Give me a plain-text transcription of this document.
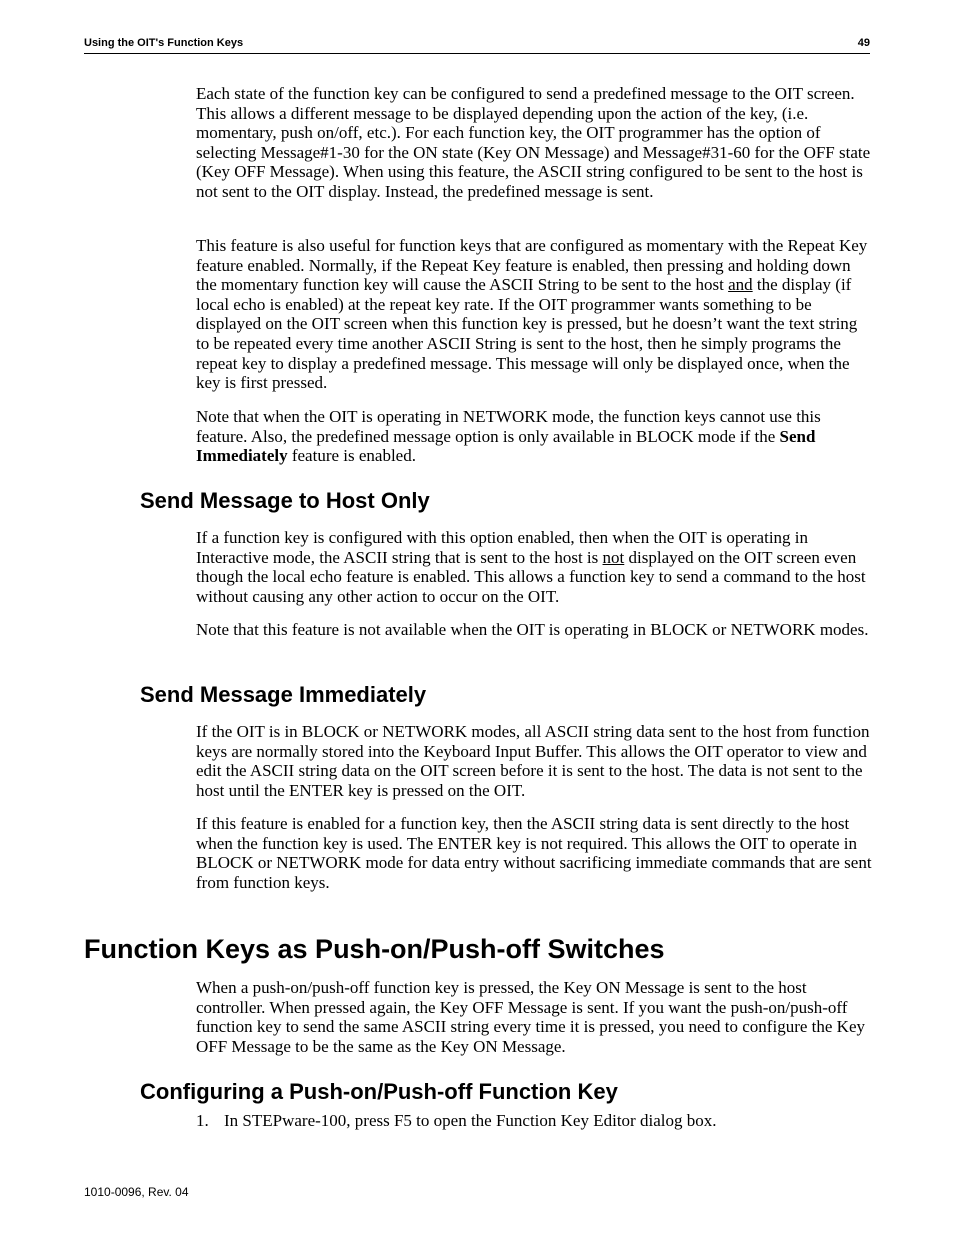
Using the OIT's Function Keys	49

Each state of the function key can be configured to send a predefined message to the OIT screen. This allows a different message to be displayed depending upon the action of the key, (i.e. momentary, push on/off, etc.). For each function key, the OIT programmer has the option of selecting Message#1-30 for the ON state (Key ON Message) and Message#31-60 for the OFF state (Key OFF Message). When using this feature, the ASCII string configured to be sent to the host is not sent to the OIT display. Instead, the predefined message is sent.

This feature is also useful for function keys that are configured as momentary with the Repeat Key feature enabled. Normally, if the Repeat Key feature is enabled, then pressing and holding down the momentary function key will cause the ASCII String to be sent to the host and the display (if local echo is enabled) at the repeat key rate. If the OIT programmer wants something to be displayed on the OIT screen when this function key is pressed, but he doesn’t want the text string to be repeated every time another ASCII String is sent to the host, then he simply programs the repeat key to display a predefined message. This message will only be displayed once, when the key is first pressed.

Note that when the OIT is operating in NETWORK mode, the function keys cannot use this feature. Also, the predefined message option is only available in BLOCK mode if the Send Immediately feature is enabled.

Send Message to Host Only

If a function key is configured with this option enabled, then when the OIT is operating in Interactive mode, the ASCII string that is sent to the host is not displayed on the OIT screen even though the local echo feature is enabled. This allows a function key to send a command to the host without causing any other action to occur on the OIT.

Note that this feature is not available when the OIT is operating in BLOCK or NETWORK modes.

Send Message Immediately

If the OIT is in BLOCK or NETWORK modes, all ASCII string data sent to the host from function keys are normally stored into the Keyboard Input Buffer. This allows the OIT operator to view and edit the ASCII string data on the OIT screen before it is sent to the host. The data is not sent to the host until the ENTER key is pressed on the OIT.

If this feature is enabled for a function key, then the ASCII string data is sent directly to the host when the function key is used. The ENTER key is not required. This allows the OIT to operate in BLOCK or NETWORK mode for data entry without sacrificing immediate commands that are sent from function keys.

Function Keys as Push-on/Push-off Switches

When a push-on/push-off function key is pressed, the Key ON Message is sent to the host controller. When pressed again, the Key OFF Message is sent. If you want the push-on/push-off function key to send the same ASCII string every time it is pressed, you need to configure the Key OFF Message to be the same as the Key ON Message.

Configuring a Push-on/Push-off Function Key
1. In STEPware-100, press F5 to open the Function Key Editor dialog box.
1010-0096, Rev. 04
